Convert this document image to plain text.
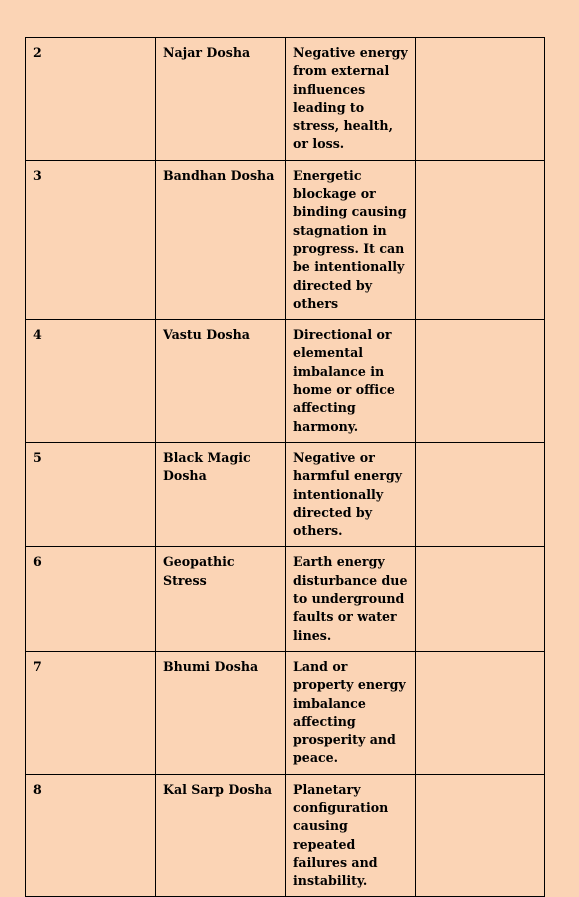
2	Najar Dosha	Negative energy from external influences leading to stress, health, or loss.	
3	Bandhan Dosha	Energetic blockage or binding causing stagnation in progress. It can be intentionally directed by others	
4	Vastu Dosha	Directional or elemental imbalance in home or office affecting harmony.	
5	Black Magic Dosha	Negative or harmful energy intentionally directed by others.	
6	Geopathic Stress	Earth energy disturbance due to underground faults or water lines.	
7	Bhumi Dosha	Land or property energy imbalance affecting prosperity and peace.	
8	Kal Sarp Dosha	Planetary configuration causing repeated failures and instability.	
